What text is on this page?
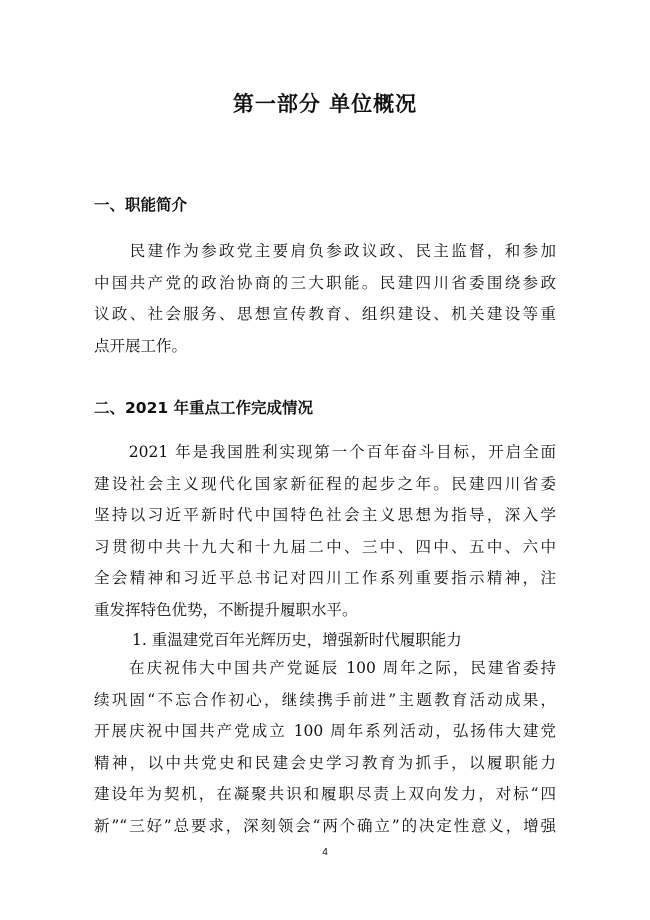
第一部分 单位概况
一、职能简介
　　民建作为参政党主要肩负参政议政、民主监督，和参加
中国共产党的政治协商的三大职能。民建四川省委围绕参政
议政、社会服务、思想宣传教育、组织建设、机关建设等重
点开展工作。
二、2021 年重点工作完成情况
　　2021 年是我国胜利实现第一个百年奋斗目标，开启全面
建设社会主义现代化国家新征程的起步之年。民建四川省委
坚持以习近平新时代中国特色社会主义思想为指导，深入学
习贯彻中共十九大和十九届二中、三中、四中、五中、六中
全会精神和习近平总书记对四川工作系列重要指示精神，注
重发挥特色优势，不断提升履职水平。

1. 重温建党百年光辉历史，增强新时代履职能力

　　在庆祝伟大中国共产党诞辰 100 周年之际，民建省委持
续巩固“不忘合作初心，继续携手前进”主题教育活动成果，
开展庆祝中国共产党成立 100 周年系列活动，弘扬伟大建党
精神，以中共党史和民建会史学习教育为抓手，以履职能力
建设年为契机，在凝聚共识和履职尽责上双向发力，对标“四
新”“三好”总要求，深刻领会“两个确立”的决定性意义，增强

4
